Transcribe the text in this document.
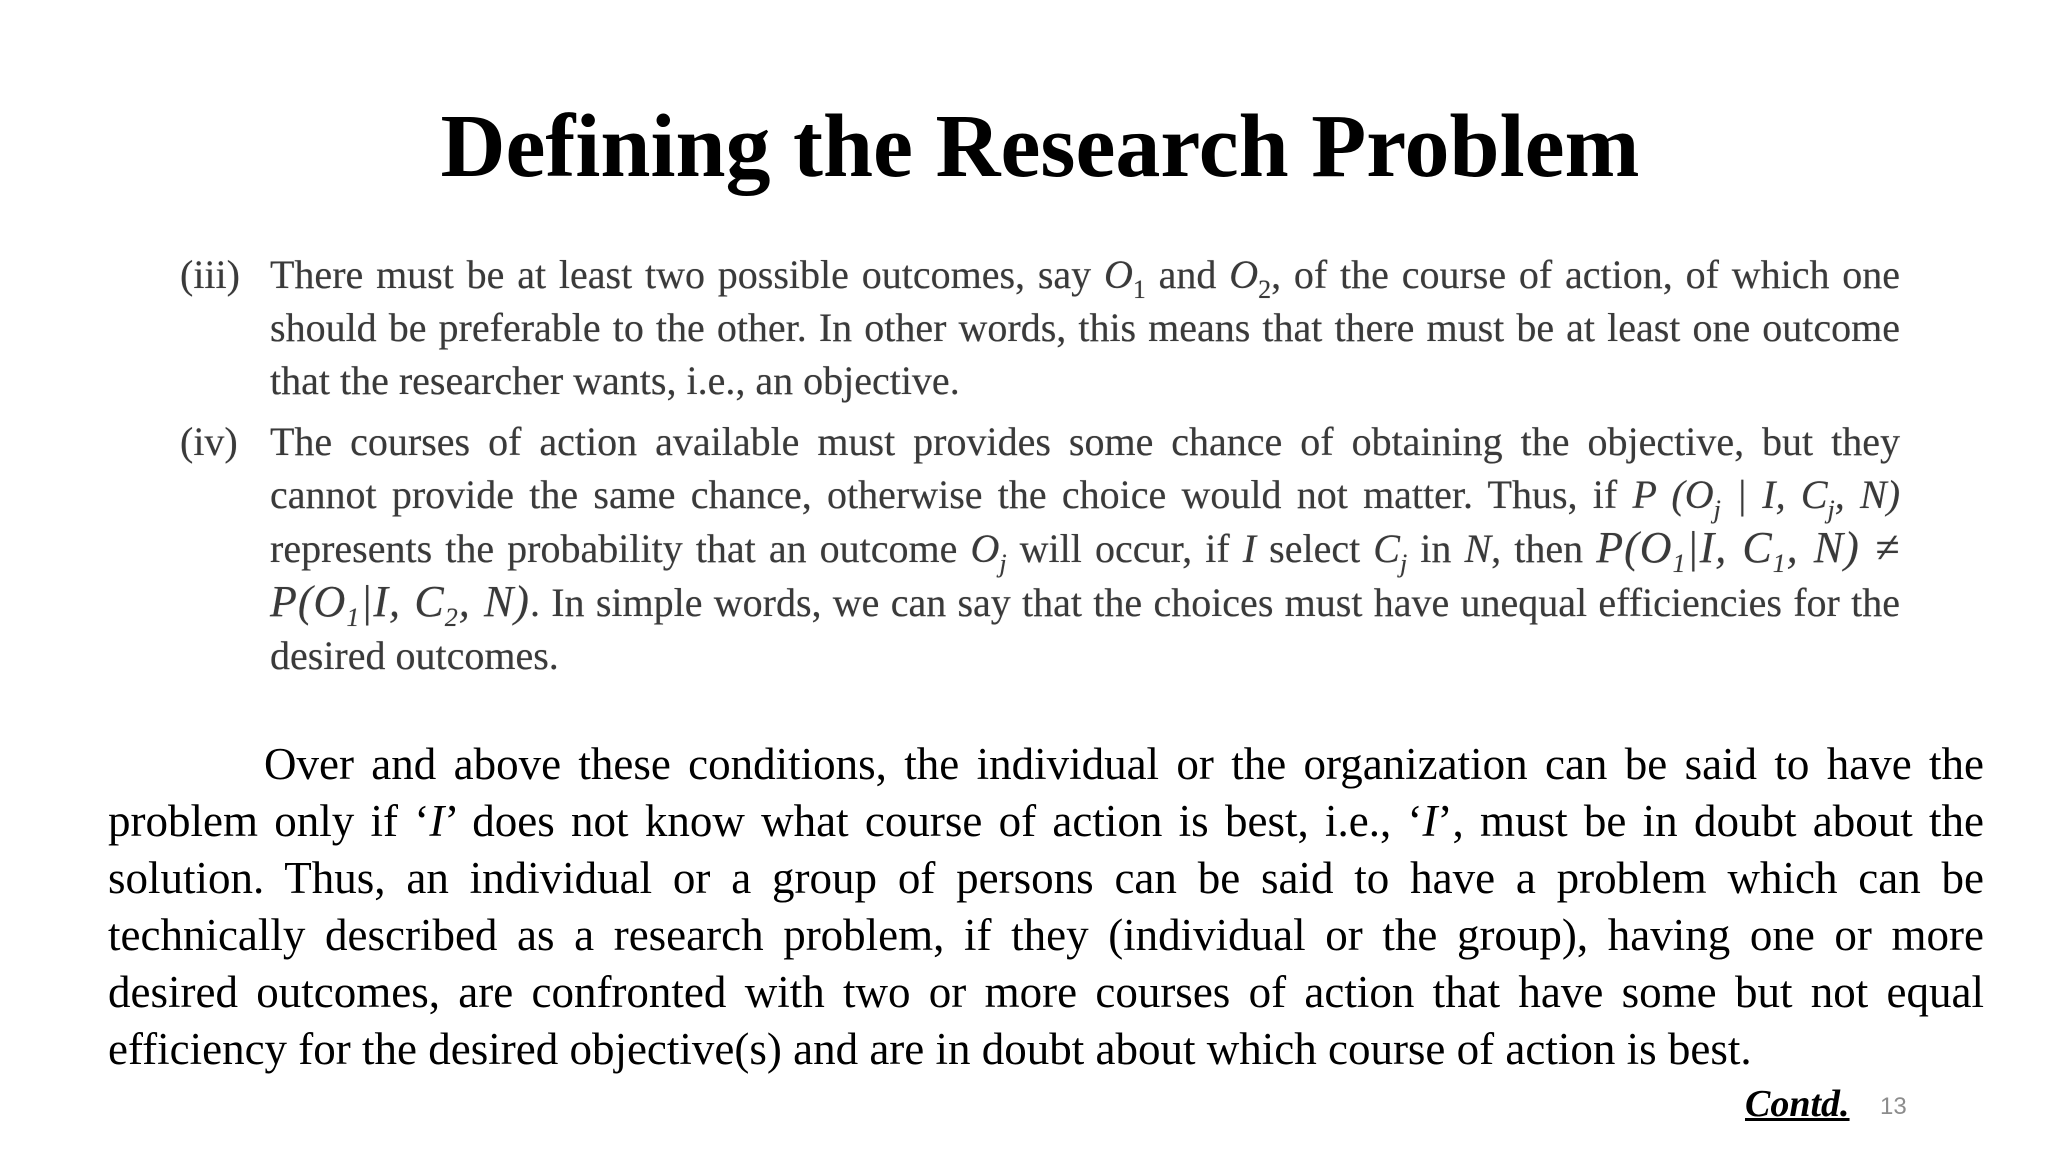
Defining the Research Problem
(iii) There must be at least two possible outcomes, say $O_1$ and $O_2$, of the course of action, of which one should be preferable to the other. In other words, this means that there must be at least one outcome that the researcher wants, i.e., an objective.
(iv) The courses of action available must provides some chance of obtaining the objective, but they cannot provide the same chance, otherwise the choice would not matter. Thus, if P ($O_j$ | I, $C_j$, N) represents the probability that an outcome $O_j$ will occur, if I select $C_j$ in N, then $P(O_1|I$, $C_1$, $N) \ne P(O_1|I$, $C_2$, N). In simple words, we can say that the choices must have unequal efficiencies for the desired outcomes.

Over and above these conditions, the individual or the organization can be said to have the problem only if ‘I’ does not know what course of action is best, i.e., ‘I’, must be in doubt about the solution. Thus, an individual or a group of persons can be said to have a problem which can be technically described as a research problem, if they (individual or the group), having one or more desired outcomes, are confronted with two or more courses of action that have some but not equal efficiency for the desired objective(s) and are in doubt about which course of action is best.

Contd. 13
